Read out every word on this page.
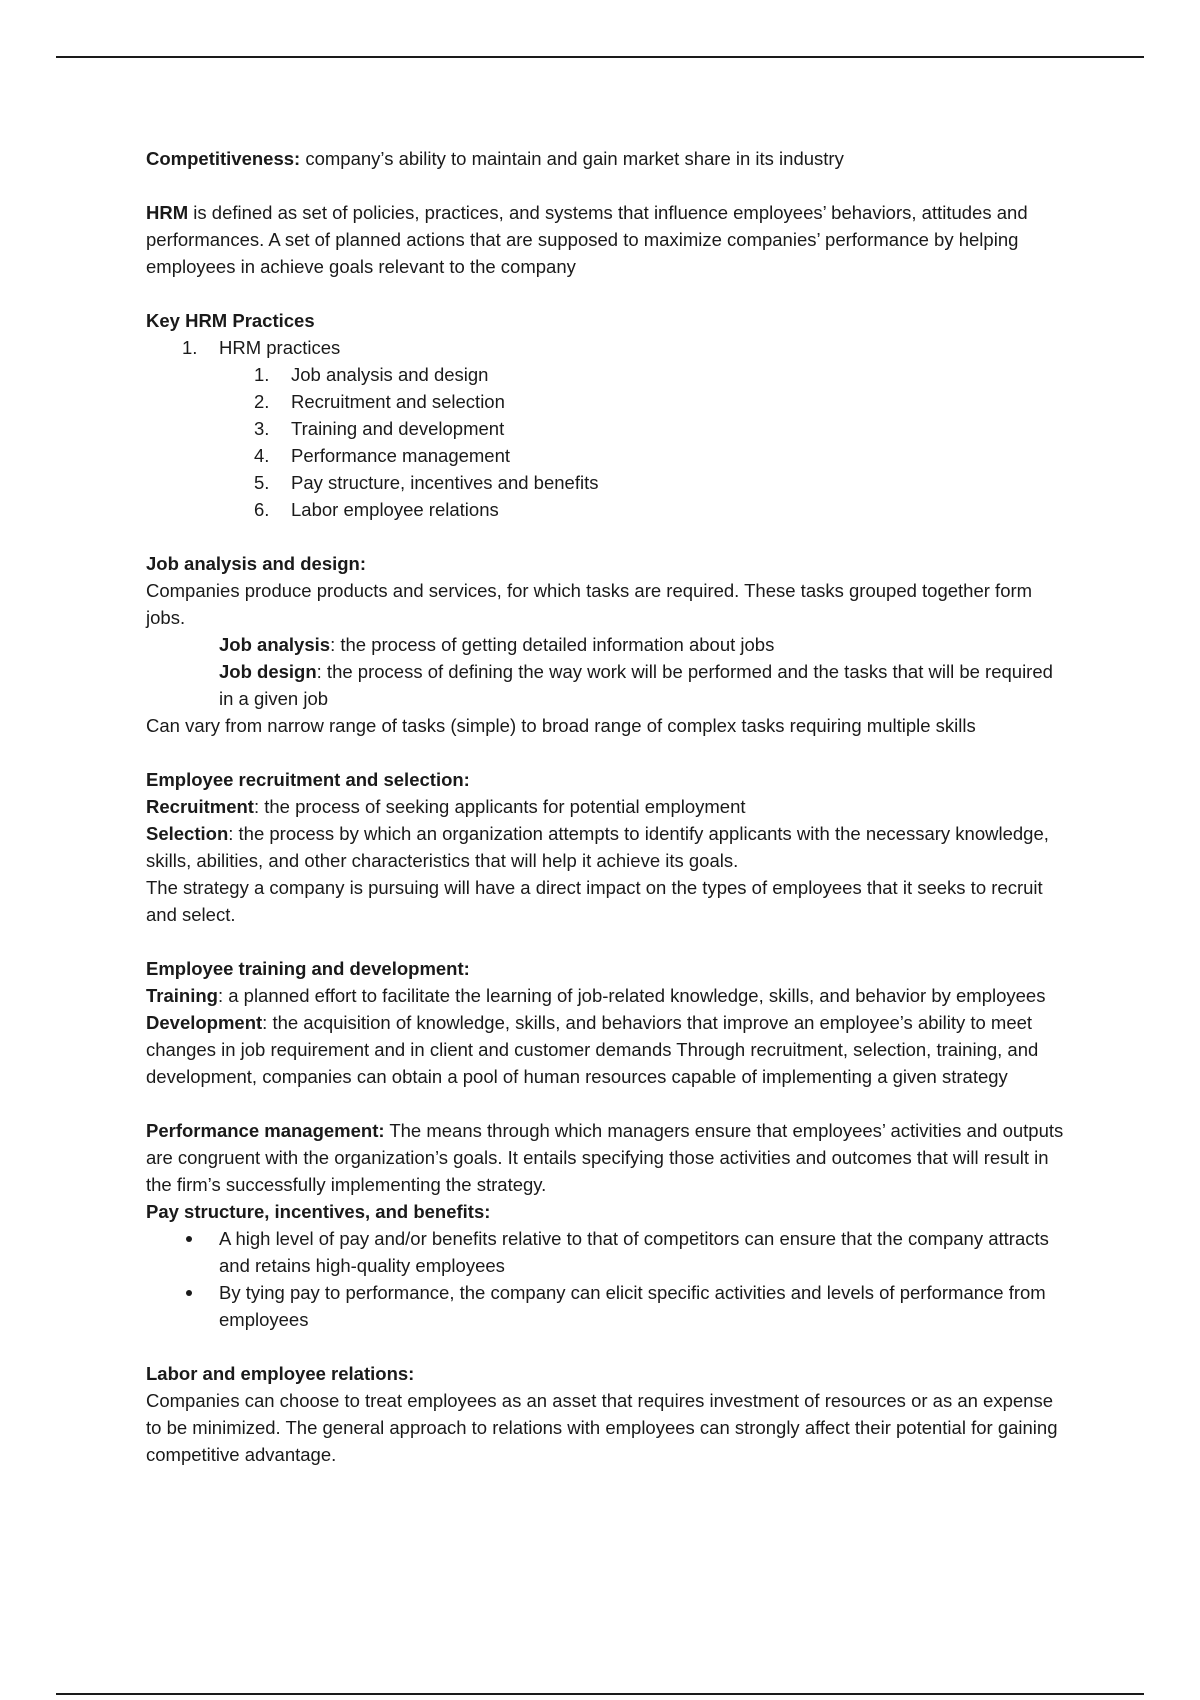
Competitiveness: company’s ability to maintain and gain market share in its industry

HRM is defined as set of policies, practices, and systems that influence employees’ behaviors, attitudes and performances. A set of planned actions that are supposed to maximize companies’ performance by helping employees in achieve goals relevant to the company

Key HRM Practices

1. HRM practices
1. Job analysis and design
2. Recruitment and selection
3. Training and development
4. Performance management
5. Pay structure, incentives and benefits
6. Labor employee relations

Job analysis and design:

Companies produce products and services, for which tasks are required. These tasks grouped together form jobs.

Job analysis: the process of getting detailed information about jobs

Job design: the process of defining the way work will be performed and the tasks that will be required in a given job

Can vary from narrow range of tasks (simple) to broad range of complex tasks requiring multiple skills

Employee recruitment and selection:

Recruitment: the process of seeking applicants for potential employment

Selection: the process by which an organization attempts to identify applicants with the necessary knowledge, skills, abilities, and other characteristics that will help it achieve its goals.

The strategy a company is pursuing will have a direct impact on the types of employees that it seeks to recruit and select.

Employee training and development:

Training: a planned effort to facilitate the learning of job-related knowledge, skills, and behavior by employees

Development: the acquisition of knowledge, skills, and behaviors that improve an employee’s ability to meet changes in job requirement and in client and customer demands Through recruitment, selection, training, and development, companies can obtain a pool of human resources capable of implementing a given strategy

Performance management: The means through which managers ensure that employees’ activities and outputs are congruent with the organization’s goals. It entails specifying those activities and outcomes that will result in the firm’s successfully implementing the strategy.

Pay structure, incentives, and benefits:

A high level of pay and/or benefits relative to that of competitors can ensure that the company attracts and retains high-quality employees
By tying pay to performance, the company can elicit specific activities and levels of performance from employees

Labor and employee relations:

Companies can choose to treat employees as an asset that requires investment of resources or as an expense to be minimized. The general approach to relations with employees can strongly affect their potential for gaining competitive advantage.
